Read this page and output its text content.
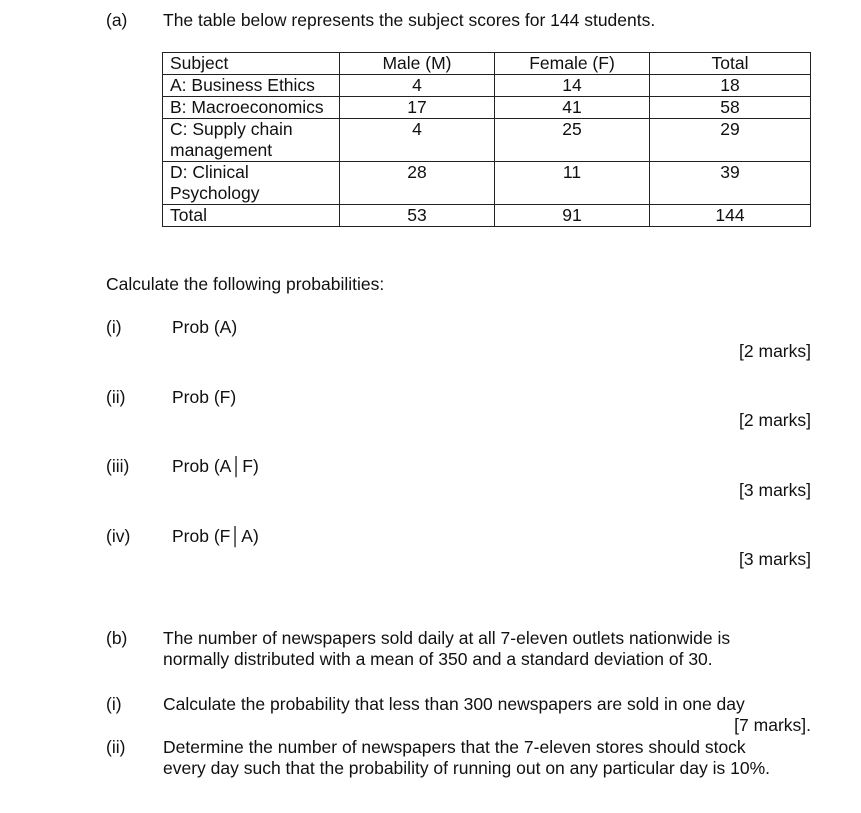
(a) The table below represents the subject scores for 144 students.
Subject	Male (M)	Female (F)	Total
A: Business Ethics	4	14	18
B: Macroeconomics	17	41	58
C: Supply chain management	4	25	29
D: Clinical Psychology	28	11	39
Total	53	91	144
Calculate the following probabilities:
(i)	Prob (A)
[2 marks]
(ii)	Prob (F)
[2 marks]
(iii) Prob (A│F)
[3 marks]
(iv) Prob (F│A)
[3 marks]
(b) The number of newspapers sold daily at all 7-eleven outlets nationwide is normally distributed with a mean of 350 and a standard deviation of 30.
(i) Calculate the probability that less than 300 newspapers are sold in one day
[7 marks].
(ii) Determine the number of newspapers that the 7-eleven stores should stock every day such that the probability of running out on any particular day is 10%.
